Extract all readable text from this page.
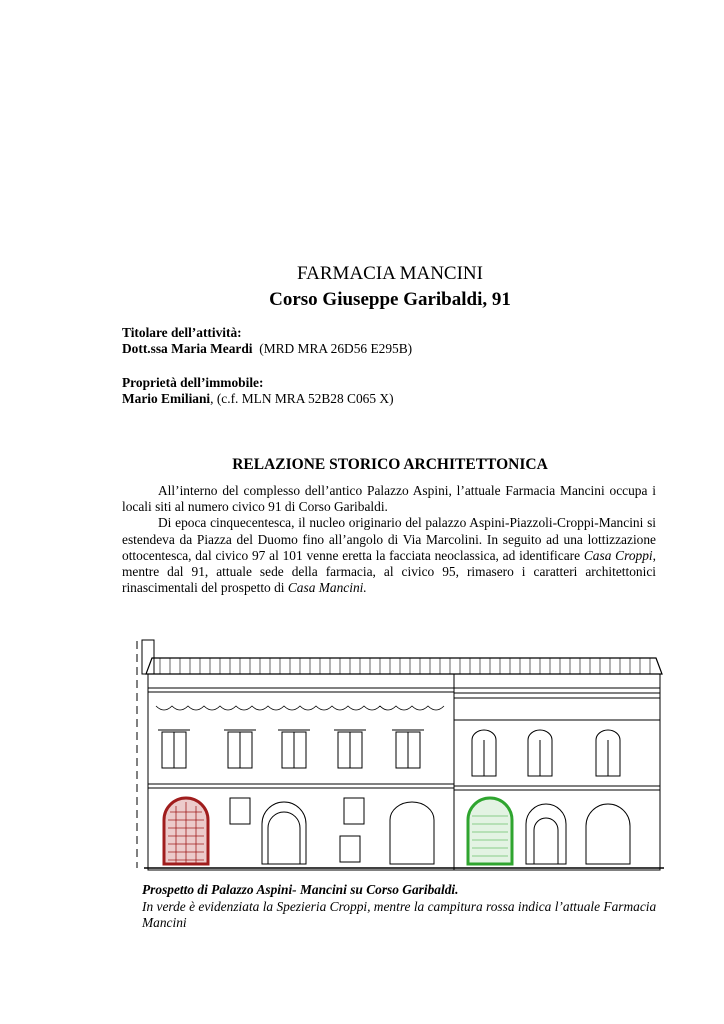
FARMACIA MANCINI
Corso Giuseppe Garibaldi, 91
Titolare dell’attività:
Dott.ssa Maria Meardi (MRD MRA 26D56 E295B)
Proprietà dell’immobile:
Mario Emiliani, (c.f. MLN MRA 52B28 C065 X)
RELAZIONE STORICO ARCHITETTONICA

All’interno del complesso dell’antico Palazzo Aspini, l’attuale Farmacia Mancini occupa i locali siti al numero civico 91 di Corso Garibaldi.

Di epoca cinquecentesca, il nucleo originario del palazzo Aspini-Piazzoli-Croppi-Mancini si estendeva da Piazza del Duomo fino all’angolo di Via Marcolini. In seguito ad una lottizzazione ottocentesca, dal civico 97 al 101 venne eretta la facciata neoclassica, ad identificare Casa Croppi, mentre dal 91, attuale sede della farmacia, al civico 95, rimasero i caratteri architettonici rinascimentali del prospetto di Casa Mancini.

Prospetto di Palazzo Aspini- Mancini su Corso Garibaldi.
In verde è evidenziata la Spezieria Croppi, mentre la campitura rossa indica l’attuale Farmacia Mancini
